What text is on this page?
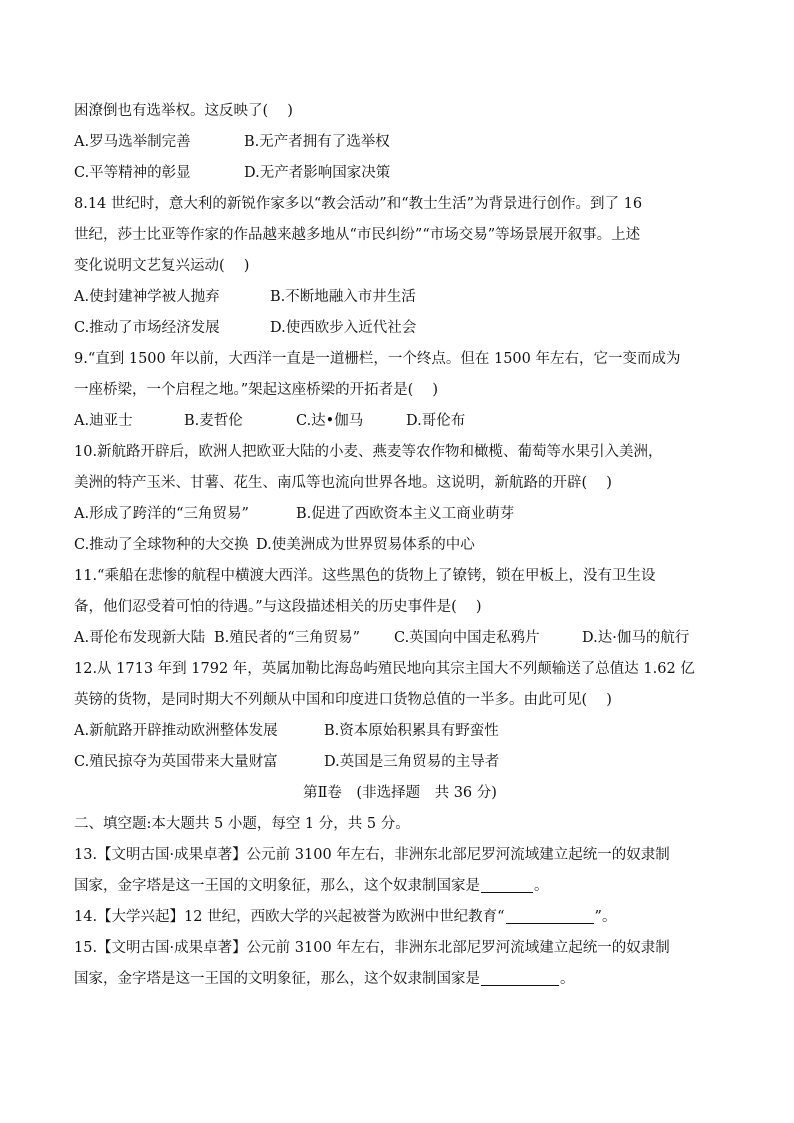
困潦倒也有选举权。这反映了(　 )
A.罗马选举制完善	B.无产者拥有了选举权
C.平等精神的彰显	D.无产者影响国家决策
8.14 世纪时，意大利的新锐作家多以“教会活动”和“教士生活”为背景进行创作。到了 16
世纪，莎士比亚等作家的作品越来越多地从“市民纠纷”“市场交易”等场景展开叙事。上述
变化说明文艺复兴运动(　 )
A.使封建神学被人抛弃	B.不断地融入市井生活
C.推动了市场经济发展	D.使西欧步入近代社会
9.“直到 1500 年以前，大西洋一直是一道栅栏，一个终点。但在 1500 年左右，它一变而成为
一座桥梁，一个启程之地。”架起这座桥梁的开拓者是(　 )
A.迪亚士	B.麦哲伦	C.达•伽马	D.哥伦布
10.新航路开辟后，欧洲人把欧亚大陆的小麦、燕麦等农作物和橄榄、葡萄等水果引入美洲，
美洲的特产玉米、甘薯、花生、南瓜等也流向世界各地。这说明，新航路的开辟(　 )
A.形成了跨洋的“三角贸易”	B.促进了西欧资本主义工商业萌芽
C.推动了全球物种的大交换 D.使美洲成为世界贸易体系的中心
11.“乘船在悲惨的航程中横渡大西洋。这些黑色的货物上了镣铐，锁在甲板上，没有卫生设
备，他们忍受着可怕的待遇。”与这段描述相关的历史事件是(　 )
A.哥伦布发现新大陆 B.殖民者的“三角贸易” C.英国向中国走私鸦片	D.达·伽马的航行
12.从 1713 年到 1792 年，英属加勒比海岛屿殖民地向其宗主国大不列颠输送了总值达 1.62 亿
英镑的货物，是同时期大不列颠从中国和印度进口货物总值的一半多。由此可见(　 )
A.新航路开辟推动欧洲整体发展	B.资本原始积累具有野蛮性
C.殖民掠夺为英国带来大量财富	D.英国是三角贸易的主导者
第Ⅱ卷　(非选择题　共 36 分)
二、填空题:本大题共 5 小题，每空 1 分，共 5 分。
13.【文明古国·成果卓著】公元前 3100 年左右，非洲东北部尼罗河流域建立起统一的奴隶制
国家，金字塔是这一王国的文明象征，那么，这个奴隶制国家是	。
14.【大学兴起】12 世纪，西欧大学的兴起被誉为欧洲中世纪教育“	”。
15.【文明古国·成果卓著】公元前 3100 年左右，非洲东北部尼罗河流域建立起统一的奴隶制
国家，金字塔是这一王国的文明象征，那么，这个奴隶制国家是	。
